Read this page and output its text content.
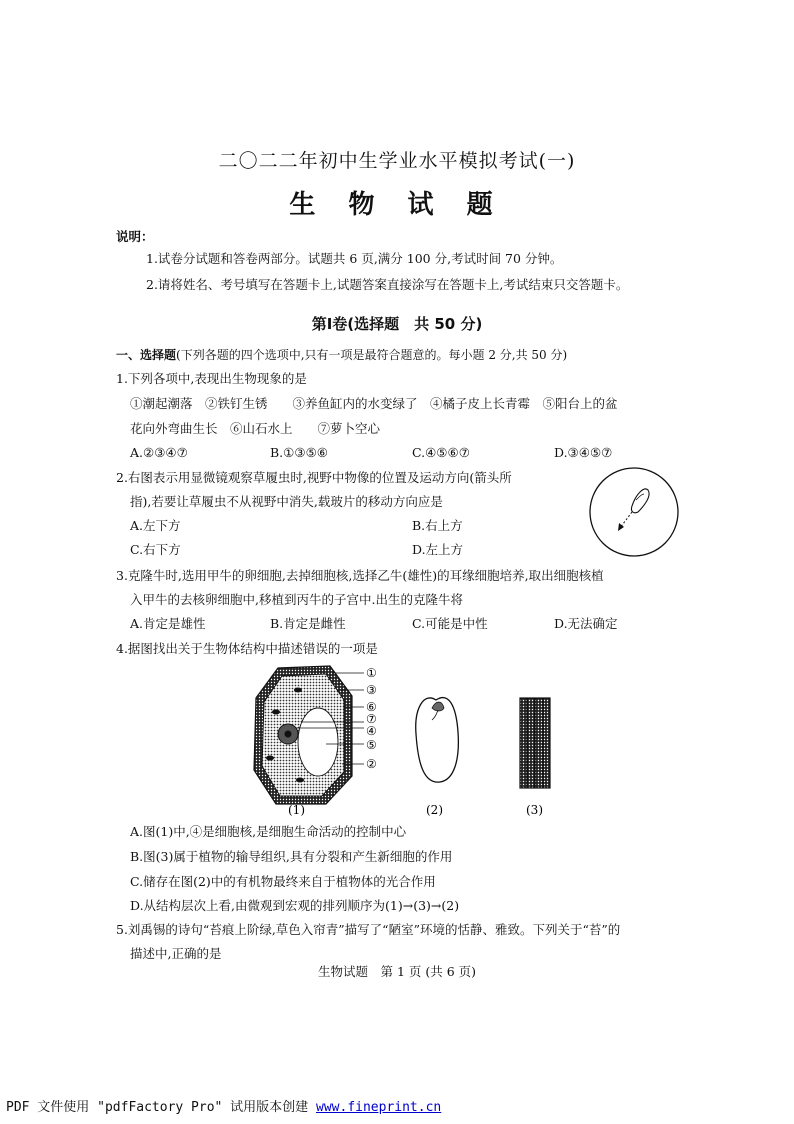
二〇二二年初中生学业水平模拟考试(一)
生 物 试 题
说明：
1.试卷分试题和答卷两部分。试题共 6 页,满分 100 分,考试时间 70 分钟。
2.请将姓名、考号填写在答题卡上,试题答案直接涂写在答题卡上,考试结束只交答题卡。
第Ⅰ卷(选择题　共 50 分)
一、选择题(下列各题的四个选项中,只有一项是最符合题意的。每小题 2 分,共 50 分)
1.下列各项中,表现出生物现象的是
①潮起潮落　②铁钉生锈　　③养鱼缸内的水变绿了　④橘子皮上长青霉　⑤阳台上的盆
花向外弯曲生长　⑥山石水上　　⑦萝卜空心
A.②③④⑦	B.①③⑤⑥	C.④⑤⑥⑦	D.③④⑤⑦
2.右图表示用显微镜观察草履虫时,视野中物像的位置及运动方向(箭头所
指),若要让草履虫不从视野中消失,载玻片的移动方向应是
A.左下方	B.右上方
C.右下方	D.左上方
3.克隆牛时,选用甲牛的卵细胞,去掉细胞核,选择乙牛(雄性)的耳缘细胞培养,取出细胞核植
入甲牛的去核卵细胞中,移植到丙牛的子宫中.出生的克隆牛将
A.肯定是雄性	B.肯定是雌性	C.可能是中性	D.无法确定
4.据图找出关于生物体结构中描述错误的一项是
①
③
⑥
⑦
④
⑤
②
(1)	(2)	(3)
A.图(1)中,④是细胞核,是细胞生命活动的控制中心
B.图(3)属于植物的输导组织,具有分裂和产生新细胞的作用
C.储存在图(2)中的有机物最终来自于植物体的光合作用
D.从结构层次上看,由微观到宏观的排列顺序为(1)→(3)→(2)
5.刘禹锡的诗句“苔痕上阶绿,草色入帘青”描写了“陋室”环境的恬静、雅致。下列关于“苔”的
描述中,正确的是
生物试题　第 1 页 (共 6 页)
PDF 文件使用 "pdfFactory Pro" 试用版本创建 www.fineprint.cn
